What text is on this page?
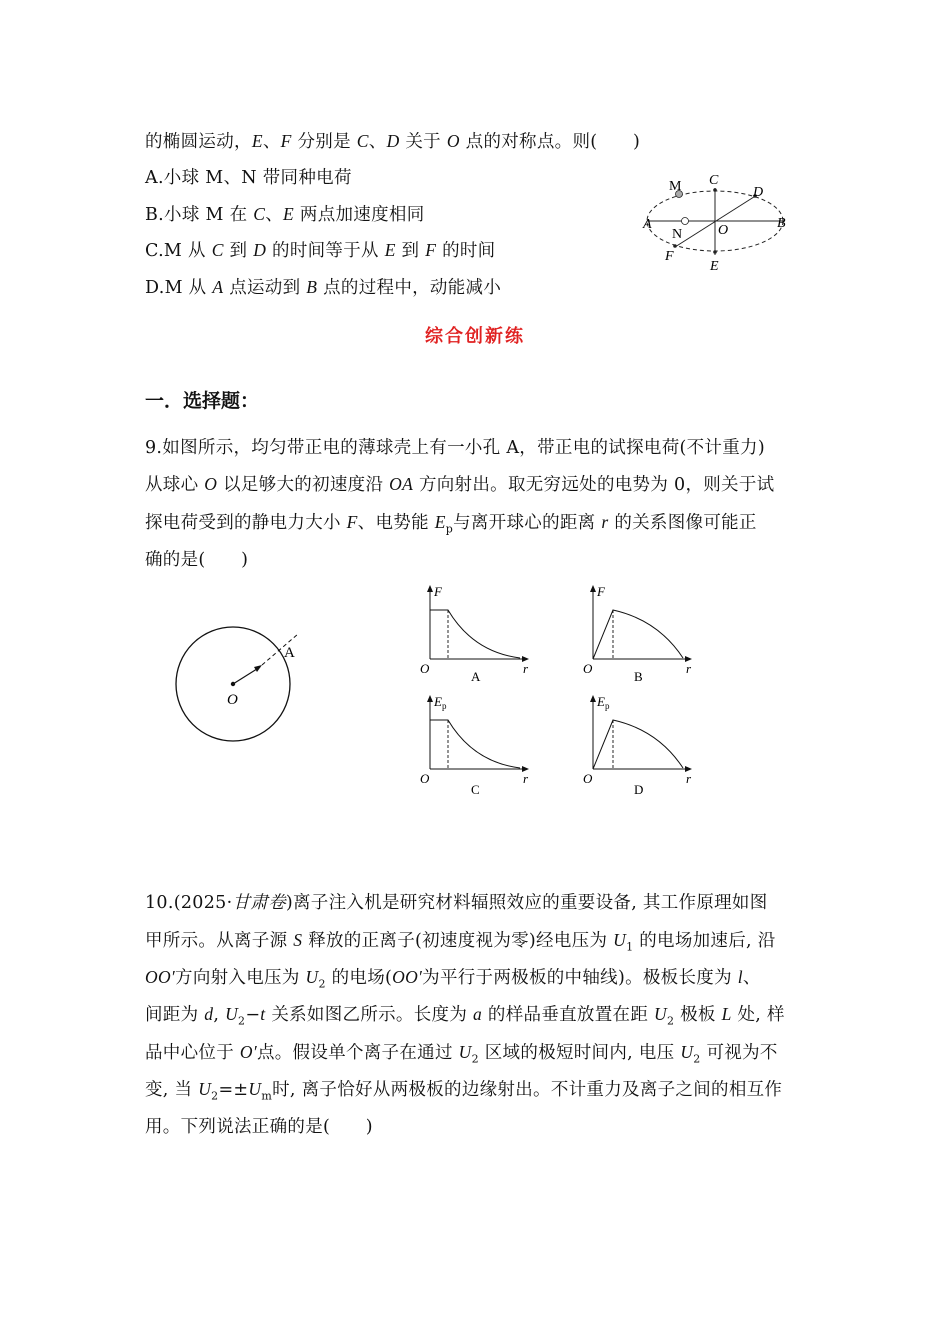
的椭圆运动，E、F 分别是 C、D 关于 O 点的对称点。则(　　)
A.小球 M、N 带同种电荷
B.小球 M 在 C、E 两点加速度相同
C.M 从 C 到 D 的时间等于从 E 到 F 的时间
D.M 从 A 点运动到 B 点的过程中，动能减小
M C
D
A
N	O	B
F
E
综合创新练
一．选择题：
9.如图所示，均匀带正电的薄球壳上有一小孔 A，带正电的试探电荷(不计重力)
从球心 O 以足够大的初速度沿 OA 方向射出。取无穷远处的电势为 0，则关于试
探电荷受到的静电力大小 F、电势能 $E_p$与离开球心的距离 r 的关系图像可能正
确的是(　　)
O
A
F
O	r
A
F
O	r
B
$E_p$
O	r
C
$E_p$
O	r
D
10.(2025·甘肃卷)离子注入机是研究材料辐照效应的重要设备, 其工作原理如图
甲所示。从离子源 S 释放的正离子(初速度视为零)经电压为 $U_1$ 的电场加速后, 沿
OO′方向射入电压为 $U_2$ 的电场(OO′为平行于两极板的中轴线)。极板长度为 l、
间距为 d, $U_2-t$ 关系如图乙所示。长度为 a 的样品垂直放置在距 $U_2$ 极板 L 处, 样
品中心位于 O′点。假设单个离子在通过 $U_2$ 区域的极短时间内, 电压 $U_2$ 可视为不
变, 当 $U_2=\pm U_m$时, 离子恰好从两极板的边缘射出。不计重力及离子之间的相互作
用。下列说法正确的是(　　)
